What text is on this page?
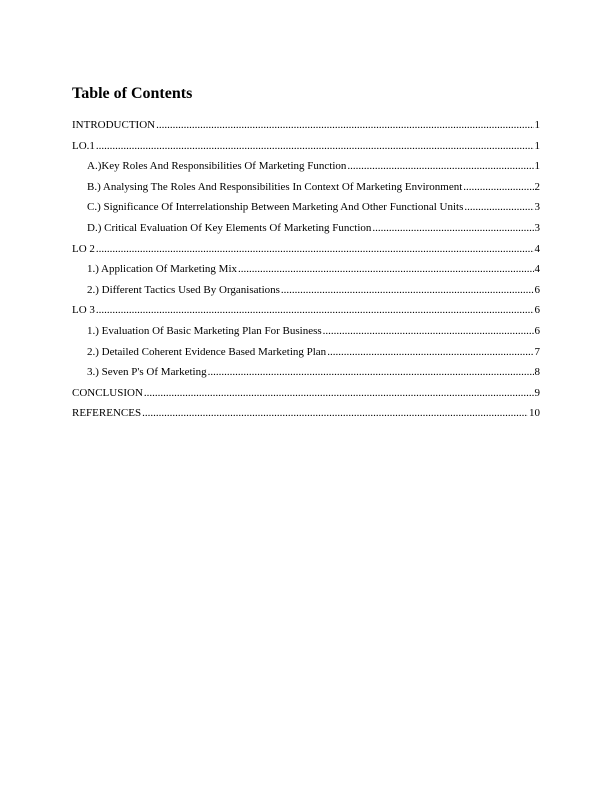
Table of Contents
INTRODUCTION .....	1
LO.1 .....	1
A.)Key Roles And Responsibilities Of Marketing Function .....	1
B.) Analysing The Roles And Responsibilities In Context Of Marketing Environment .....	2
C.) Significance Of Interrelationship Between Marketing And Other Functional Units .....	3
D.) Critical Evaluation Of Key Elements Of Marketing Function .....	3
LO 2 .....	4
1.) Application Of Marketing Mix .....	4
2.) Different Tactics Used By Organisations .....	6
LO 3 .....	6
1.) Evaluation Of Basic Marketing Plan For Business .....	6
2.) Detailed Coherent Evidence Based Marketing Plan .....	7
3.) Seven P's Of Marketing .....	8
CONCLUSION .....	9
REFERENCES .....	10
